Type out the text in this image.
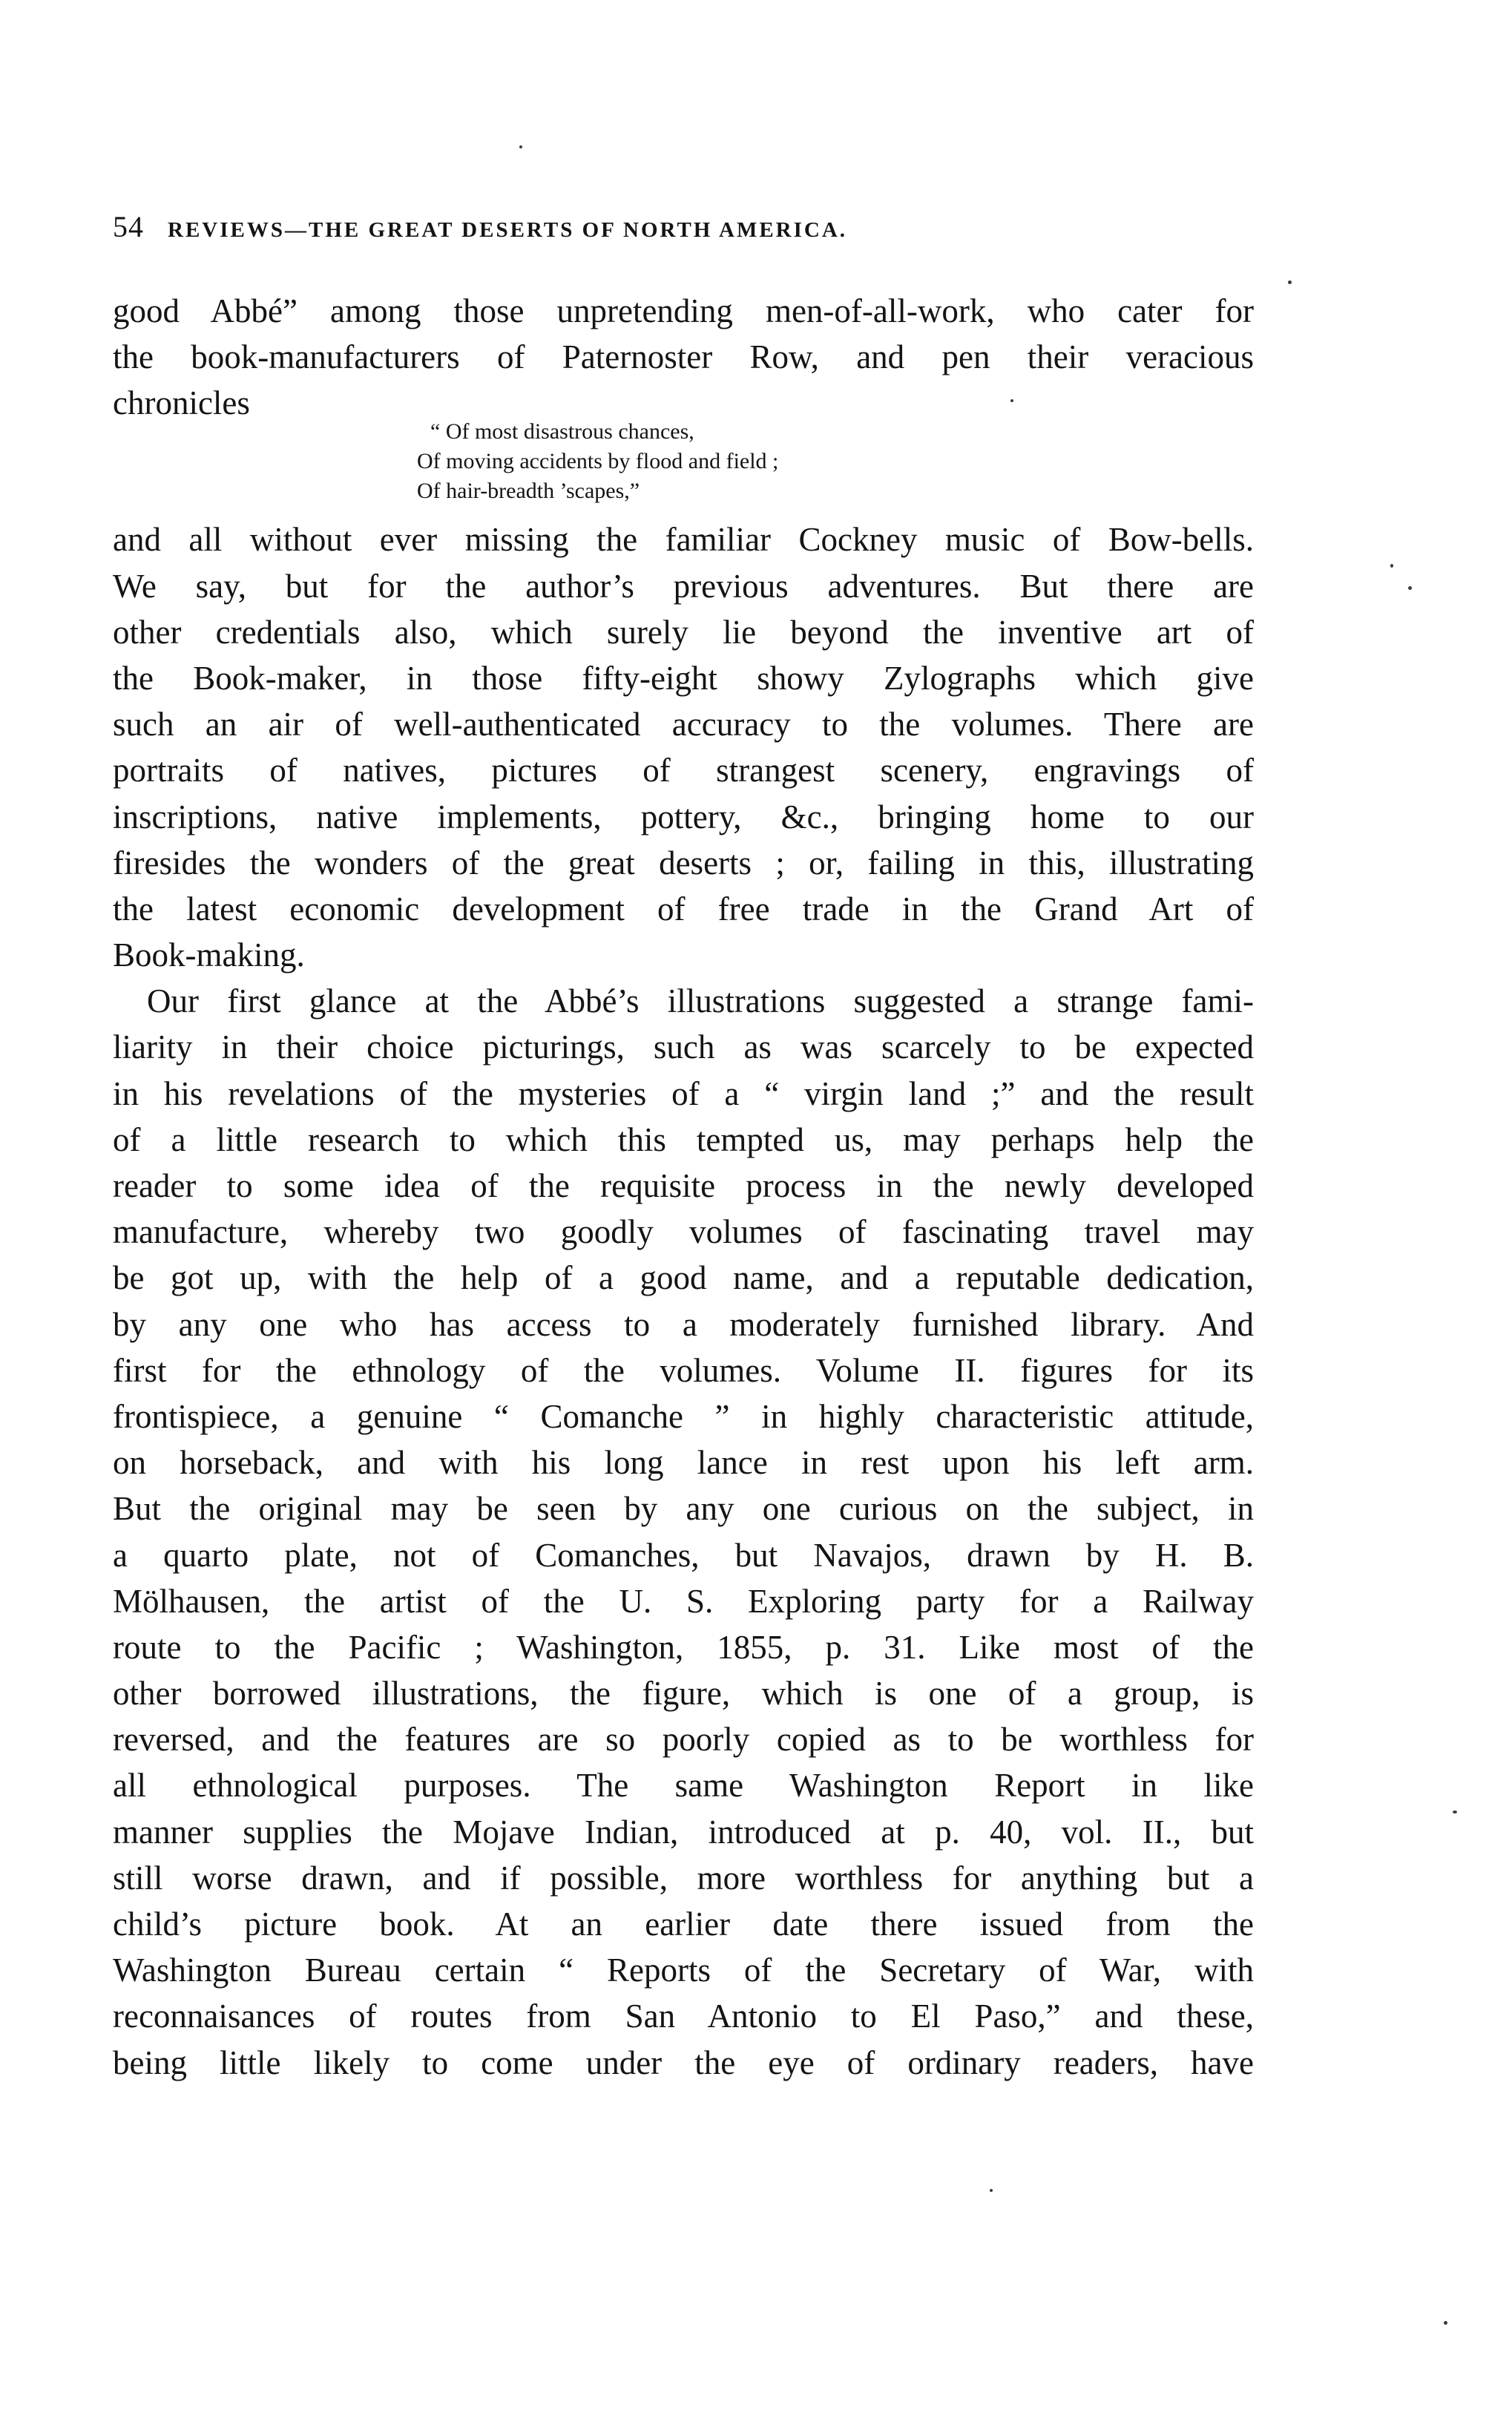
54 REVIEWS—THE GREAT DESERTS OF NORTH AMERICA.
good Abbé” among those unpretending men-of-all-work, who cater for
the book-manufacturers of Paternoster Row, and pen their veracious
chronicles
“ Of most disastrous chances,
Of moving accidents by flood and field ;
Of hair-breadth ’scapes,”
and all without ever missing the familiar Cockney music of Bow-bells.
We say, but for the author’s previous adventures. But there are
other credentials also, which surely lie beyond the inventive art of
the Book-maker, in those fifty-eight showy Zylographs which give
such an air of well-authenticated accuracy to the volumes. There are
portraits of natives, pictures of strangest scenery, engravings of
inscriptions, native implements, pottery, &c., bringing home to our
firesides the wonders of the great deserts ; or, failing in this, illustrating
the latest economic development of free trade in the Grand Art of
Book-making.
Our first glance at the Abbé’s illustrations suggested a strange fami-
liarity in their choice picturings, such as was scarcely to be expected
in his revelations of the mysteries of a “ virgin land ;” and the result
of a little research to which this tempted us, may perhaps help the
reader to some idea of the requisite process in the newly developed
manufacture, whereby two goodly volumes of fascinating travel may
be got up, with the help of a good name, and a reputable dedication,
by any one who has access to a moderately furnished library. And
first for the ethnology of the volumes. Volume II. figures for its
frontispiece, a genuine “ Comanche ” in highly characteristic attitude,
on horseback, and with his long lance in rest upon his left arm.
But the original may be seen by any one curious on the subject, in
a quarto plate, not of Comanches, but Navajos, drawn by H. B.
Mölhausen, the artist of the U. S. Exploring party for a Railway
route to the Pacific ; Washington, 1855, p. 31. Like most of the
other borrowed illustrations, the figure, which is one of a group, is
reversed, and the features are so poorly copied as to be worthless for
all ethnological purposes. The same Washington Report in like
manner supplies the Mojave Indian, introduced at p. 40, vol. II., but
still worse drawn, and if possible, more worthless for anything but a
child’s picture book. At an earlier date there issued from the
Washington Bureau certain “ Reports of the Secretary of War, with
reconnaisances of routes from San Antonio to El Paso,” and these,
being little likely to come under the eye of ordinary readers, have
